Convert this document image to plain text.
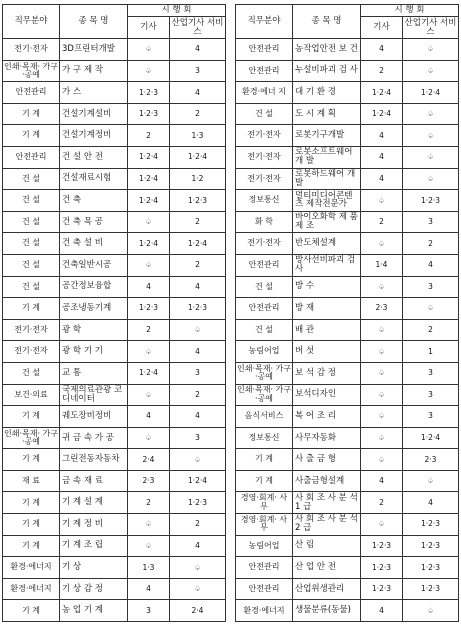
직무분야	종 목 명	시 행 회	
		기사	산업기사 서비스
전기·전자	3D프린터개발	♤	4
인쇄·목재· 가구·공예	가 구 제 작	♤	3
안전관리	가 스	1·2·3	4
기 계	건설기계설비	1·2·3	2
기 계	건설기계정비	2	1·3
안전관리	건 설 안 전	1·2·4	1·2·4
건 설	건설재료시험	1·2·4	1·2
건 설	건 축	1·2·4	1·2·3
건 설	건 축 목 공	♤	2
건 설	건 축 설 비	1·2·4	1·2·4
건 설	건축일반시공	♤	2
건 설	공간정보융합	4	4
기 계	공조냉동기계	1·2·3	1·2·3
전기·전자	광 학	2	♤
전기·전자	광 학 기 기	♤	4
건 설	교 통	1·2·4	3
보건·의료	국제의료관광 코디네이터	♤	2
기 계	궤도장비정비	4	4
인쇄·목재· 가구·공예	귀 금 속 가 공	♤	3
기 계	그린전동자동차	2·4	♤
재 료	금 속 재 료	2·3	1·2·4
기 계	기 계 설 계	2	1·2·3
기 계	기 계 정 비	♤	2
기 계	기 계 조 립	♤	4
환경·에너지	기 상	1·3	♤
환경·에너지	기 상 감 정	4	♤
기 계	농 업 기 계	3	2·4
직무분야	종 목 명	시 행 회	
		기사	산업기사 서비스
안전관리	농작업안전 보 건	4	♤
안전관리	누설비파괴 검 사	2	♤
환경·에너 지	대 기 환 경	1·2·4	1·2·4
건 설	도 시 계 획	1·2·4	♤
전기·전자	로봇기구개발	4	♤
전기·전자	로봇소프트웨어 개 발	4	♤
전기·전자	로봇하드웨어 개 발	4	♤
정보통신	멀티미디어콘텐츠 제작전문가	♤	1·2·3
화 학	바이오화학 제 품 제 조	2	3
전기·전자	반도체설계	♤	2
안전관리	방사선비파괴 검 사	1·4	4
건 설	방 수	♤	3
안전관리	방 재	2·3	♤
건 설	배 관	♤	2
농림어업	버 섯	♤	1
인쇄·목재· 가구·공예	보 석 감 정	♤	3
인쇄·목재· 가구·공예	보석디자인	♤	3
음식서비스	복 어 조 리	♤	3
정보통신	사무자동화	♤	1·2·4
기 계	사 출 금 형	♤	2·3
기 계	사출금형설계	4	♤
경영·회계· 사 무	사 회 조 사 분 석 1 급	2	4
경영·회계· 사 무	사 회 조 사 분 석 2 급	♤	1·2·3
농림어업	산 림	1·2·3	1·2·3
안전관리	산 업 안 전	1·2·3	1·2·3
안전관리	산업위생관리	1·2·3	1·2·3
환경·에너지	생물분류(동물)	4	♤
